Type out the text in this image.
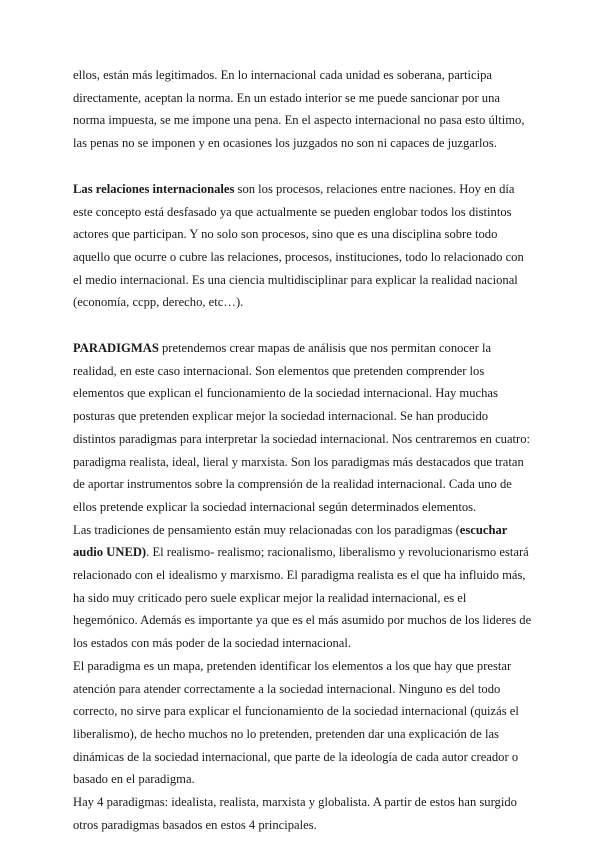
ellos, están más legitimados. En lo internacional cada unidad es soberana, participa directamente, aceptan la norma. En un estado interior se me puede sancionar por una norma impuesta, se me impone una pena. En el aspecto internacional no pasa esto último, las penas no se imponen y en ocasiones los juzgados no son ni capaces de juzgarlos.

Las relaciones internacionales son los procesos, relaciones entre naciones. Hoy en día este concepto está desfasado ya que actualmente se pueden englobar todos los distintos actores que participan. Y no solo son procesos, sino que es una disciplina sobre todo aquello que ocurre o cubre las relaciones, procesos, instituciones, todo lo relacionado con el medio internacional. Es una ciencia multidisciplinar para explicar la realidad nacional (economía, ccpp, derecho, etc…).

PARADIGMAS pretendemos crear mapas de análisis que nos permitan conocer la realidad, en este caso internacional. Son elementos que pretenden comprender los elementos que explican el funcionamiento de la sociedad internacional. Hay muchas posturas que pretenden explicar mejor la sociedad internacional. Se han producido distintos paradigmas para interpretar la sociedad internacional. Nos centraremos en cuatro: paradigma realista, ideal, lieral y marxista. Son los paradigmas más destacados que tratan de aportar instrumentos sobre la comprensión de la realidad internacional. Cada uno de ellos pretende explicar la sociedad internacional según determinados elementos.

Las tradiciones de pensamiento están muy relacionadas con los paradigmas (escuchar audio UNED). El realismo- realismo; racionalismo, liberalismo y revolucionarismo estará relacionado con el idealismo y marxismo. El paradigma realista es el que ha influido más, ha sido muy criticado pero suele explicar mejor la realidad internacional, es el hegemónico. Además es importante ya que es el más asumido por muchos de los lideres de los estados con más poder de la sociedad internacional.

El paradigma es un mapa, pretenden identificar los elementos a los que hay que prestar atención para atender correctamente a la sociedad internacional. Ninguno es del todo correcto, no sirve para explicar el funcionamiento de la sociedad internacional (quizás el liberalismo), de hecho muchos no lo pretenden, pretenden dar una explicación de las dinámicas de la sociedad internacional, que parte de la ideología de cada autor creador o basado en el paradigma.

Hay 4 paradigmas: idealista, realista, marxista y globalista. A partir de estos han surgido otros paradigmas basados en estos 4 principales.
